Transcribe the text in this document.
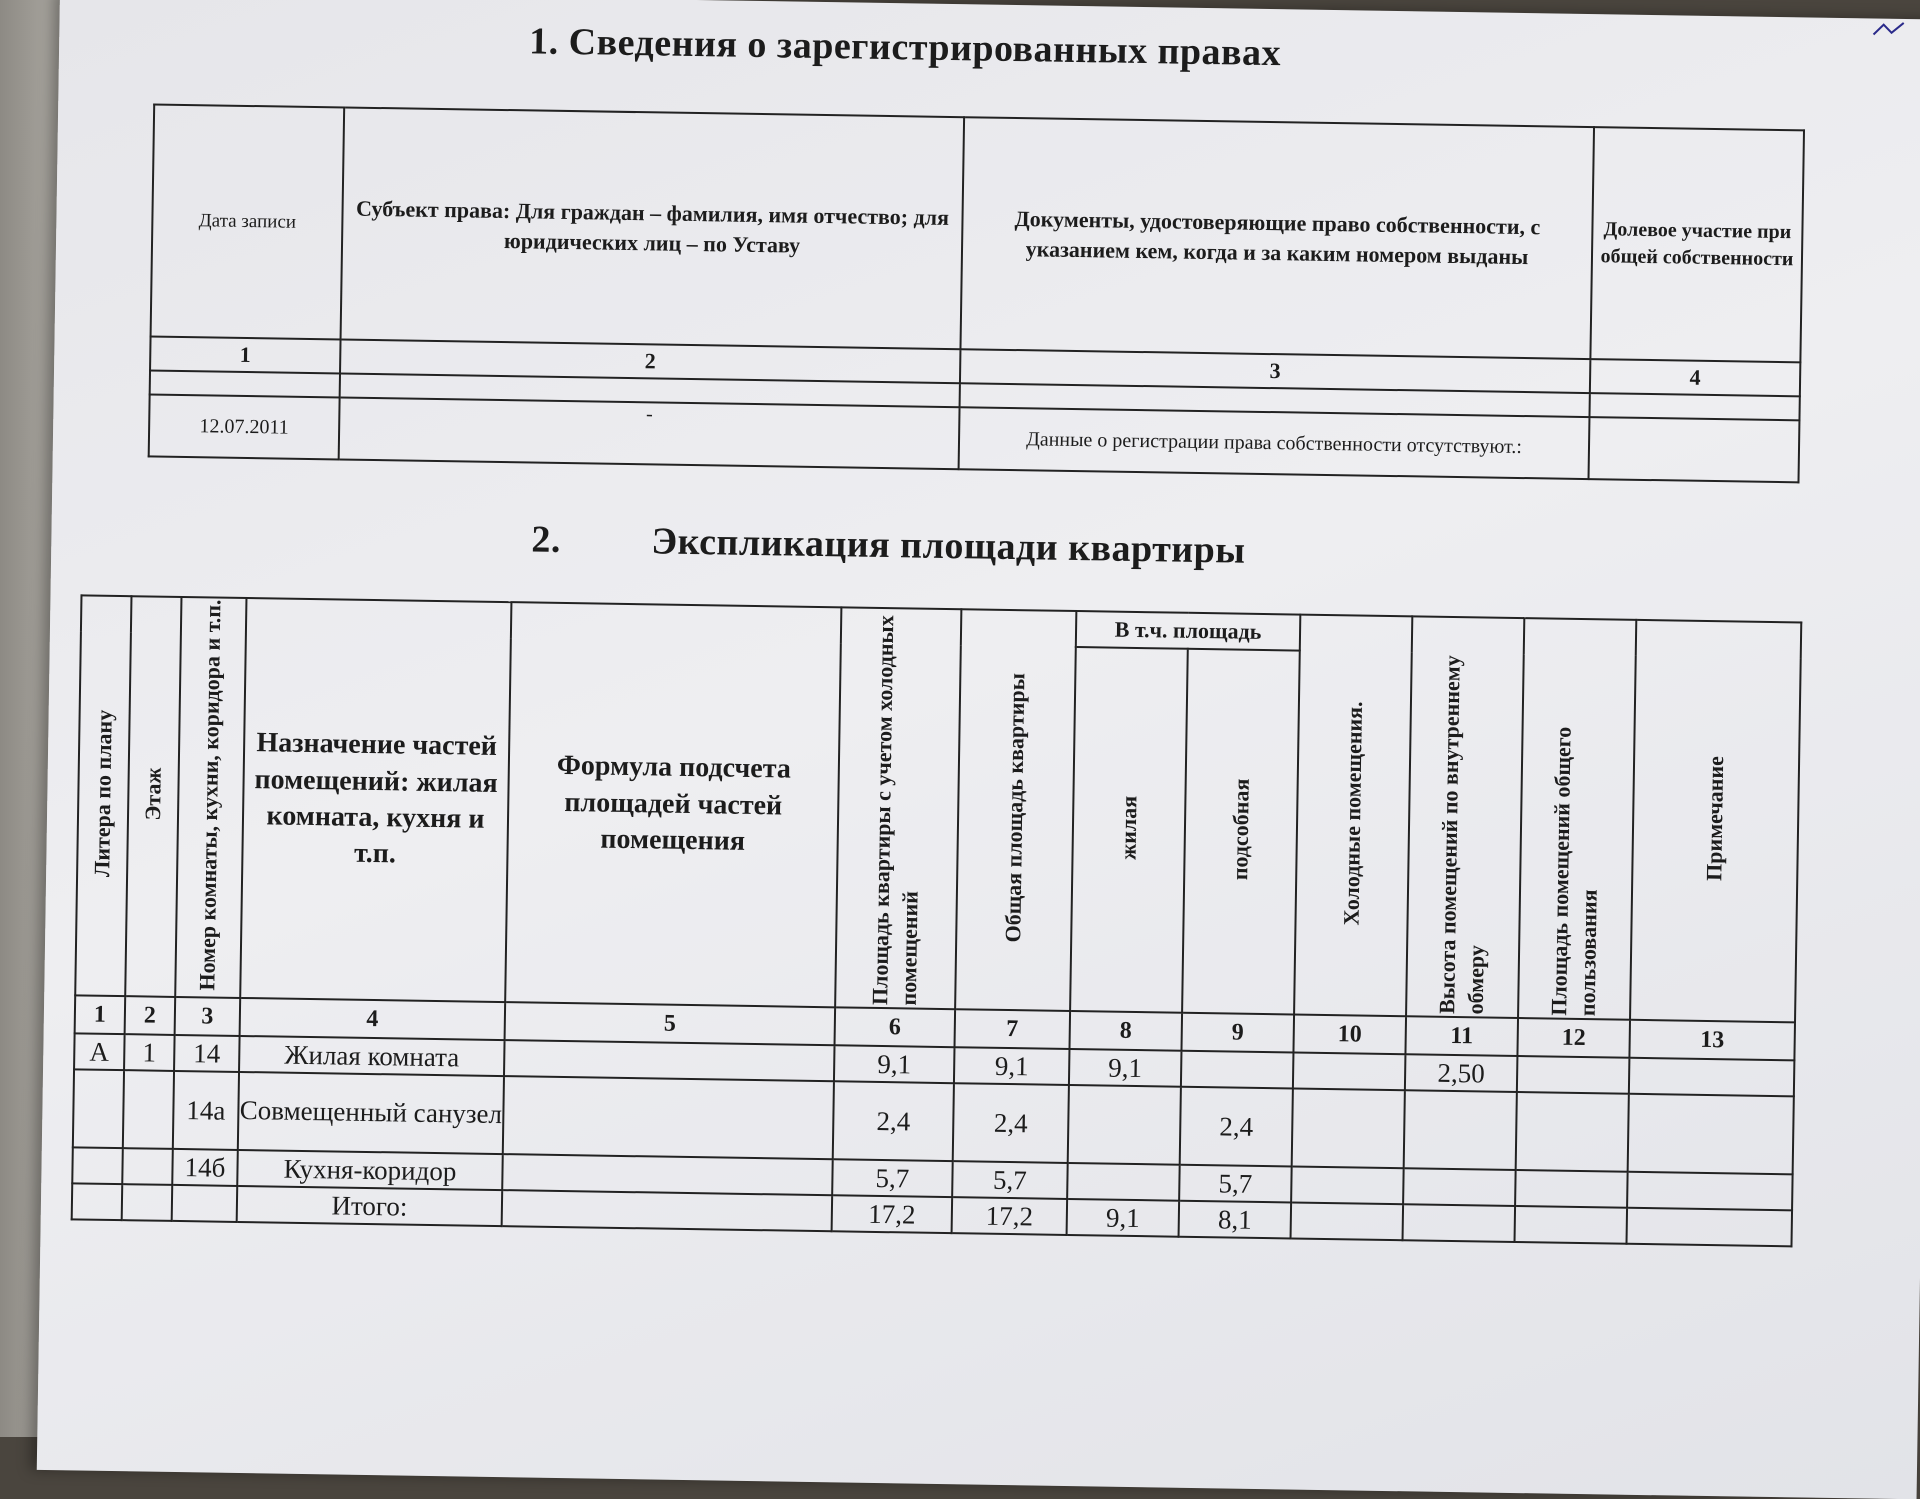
1. Сведения о зарегистрированных правах
Дата записи	Субъект права: Для граждан – фамилия, имя отчество; для юридических лиц – по Уставу	Документы, удостоверяющие право собственности, с указанием кем, когда и за каким номером выданы	Долевое участие при общей собственности
1	2	3	4

12.07.2011	-	Данные о регистрации права собственности отсутствуют.:	
2. Экспликация площади квартиры
Литера по плану	Этаж	Номер комнаты, кухни, коридора и т.п.	Назначение частей помещений: жилая комната, кухня и т.п.	Формула подсчета площадей частей помещения	Площадь квартиры с учетом холодных помещений	Общая площадь квартиры	В т.ч. площадь		Холодные помещения.	Высота помещений по внутреннему обмеру	Площадь помещений общего пользования	Примечание
							жилая	подсобная				
1	2	3	4	5	6	7	8	9	10	11	12	13
А	1	14	Жилая комната		9,1	9,1	9,1			2,50		
		14а	Совмещенный санузел		2,4	2,4		2,4				
		14б	Кухня-коридор		5,7	5,7		5,7				
			Итого:		17,2	17,2	9,1	8,1				
